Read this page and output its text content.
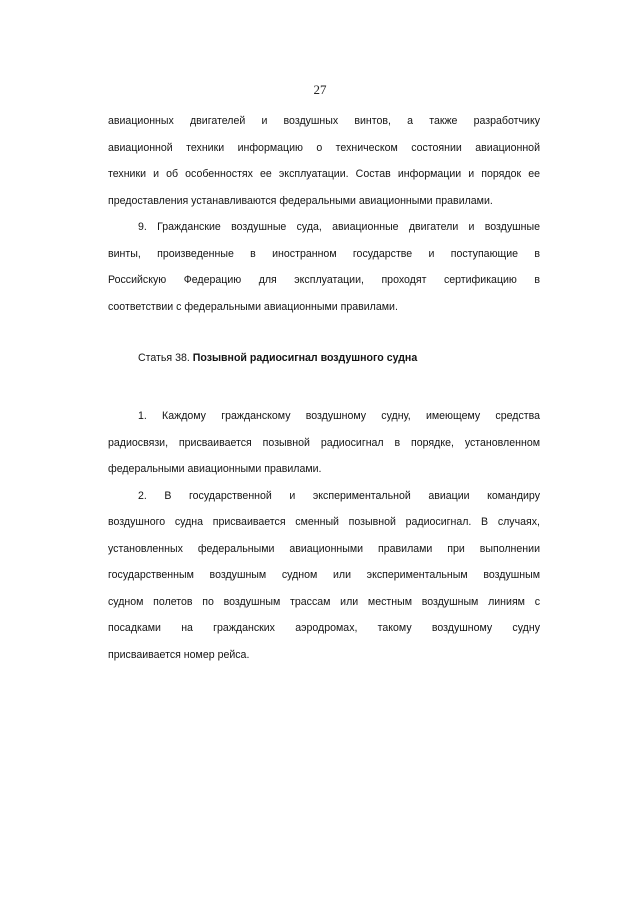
27
авиационных двигателей и воздушных винтов, а также разработчику
авиационной техники информацию о техническом состоянии авиационной
техники и об особенностях ее эксплуатации. Состав информации и порядок ее
предоставления устанавливаются федеральными авиационными правилами.
9. Гражданские воздушные суда, авиационные двигатели и воздушные
винты, произведенные в иностранном государстве и поступающие в
Российскую Федерацию для эксплуатации, проходят сертификацию в
соответствии с федеральными авиационными правилами.
Статья 38. Позывной радиосигнал воздушного судна
1. Каждому гражданскому воздушному судну, имеющему средства
радиосвязи, присваивается позывной радиосигнал в порядке, установленном
федеральными авиационными правилами.
2. В государственной и экспериментальной авиации командиру
воздушного судна присваивается сменный позывной радиосигнал. В случаях,
установленных федеральными авиационными правилами при выполнении
государственным воздушным судном или экспериментальным воздушным
судном полетов по воздушным трассам или местным воздушным линиям с
посадками на гражданских аэродромах, такому воздушному судну
присваивается номер рейса.
